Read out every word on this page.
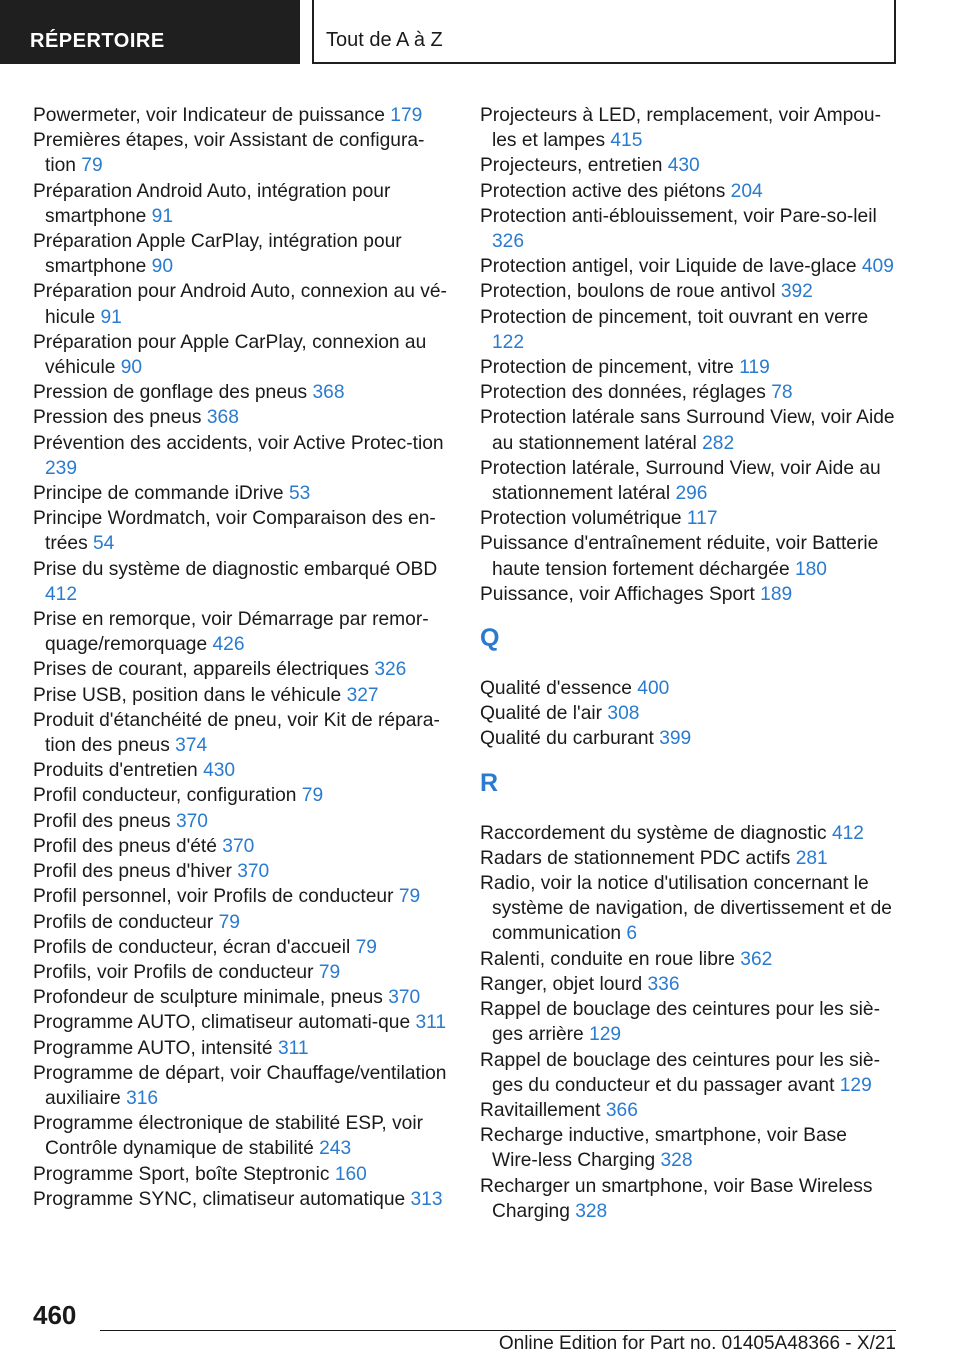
RÉPERTOIRE	Tout de A à Z

Powermeter, voir Indicateur de puissance 179

Premières étapes, voir Assistant de configura-tion 79

Préparation Android Auto, intégration pour smartphone 91

Préparation Apple CarPlay, intégration pour smartphone 90

Préparation pour Android Auto, connexion au vé-hicule 91

Préparation pour Apple CarPlay, connexion au véhicule 90

Pression de gonflage des pneus 368

Pression des pneus 368

Prévention des accidents, voir Active Protec-tion 239

Principe de commande iDrive 53

Principe Wordmatch, voir Comparaison des en-trées 54

Prise du système de diagnostic embarqué OBD 412

Prise en remorque, voir Démarrage par remor-quage/remorquage 426

Prises de courant, appareils électriques 326

Prise USB, position dans le véhicule 327

Produit d'étanchéité de pneu, voir Kit de répara-tion des pneus 374

Produits d'entretien 430

Profil conducteur, configuration 79

Profil des pneus 370

Profil des pneus d'été 370

Profil des pneus d'hiver 370

Profil personnel, voir Profils de conducteur 79

Profils de conducteur 79

Profils de conducteur, écran d'accueil 79

Profils, voir Profils de conducteur 79

Profondeur de sculpture minimale, pneus 370

Programme AUTO, climatiseur automati-que 311

Programme AUTO, intensité 311

Programme de départ, voir Chauffage/ventilation auxiliaire 316

Programme électronique de stabilité ESP, voir Contrôle dynamique de stabilité 243

Programme Sport, boîte Steptronic 160

Programme SYNC, climatiseur automatique 313

Projecteurs à LED, remplacement, voir Ampou-les et lampes 415

Projecteurs, entretien 430

Protection active des piétons 204

Protection anti-éblouissement, voir Pare-so-leil 326

Protection antigel, voir Liquide de lave-glace 409

Protection, boulons de roue antivol 392

Protection de pincement, toit ouvrant en verre 122

Protection de pincement, vitre 119

Protection des données, réglages 78

Protection latérale sans Surround View, voir Aide au stationnement latéral 282

Protection latérale, Surround View, voir Aide au stationnement latéral 296

Protection volumétrique 117

Puissance d'entraînement réduite, voir Batterie haute tension fortement déchargée 180

Puissance, voir Affichages Sport 189

Q

Qualité d'essence 400

Qualité de l'air 308

Qualité du carburant 399

R

Raccordement du système de diagnostic 412

Radars de stationnement PDC actifs 281

Radio, voir la notice d'utilisation concernant le système de navigation, de divertissement et de communication 6

Ralenti, conduite en roue libre 362

Ranger, objet lourd 336

Rappel de bouclage des ceintures pour les siè-ges arrière 129

Rappel de bouclage des ceintures pour les siè-ges du conducteur et du passager avant 129

Ravitaillement 366

Recharge inductive, smartphone, voir Base Wire-less Charging 328

Recharger un smartphone, voir Base Wireless Charging 328

460
Online Edition for Part no. 01405A48366 - X/21
